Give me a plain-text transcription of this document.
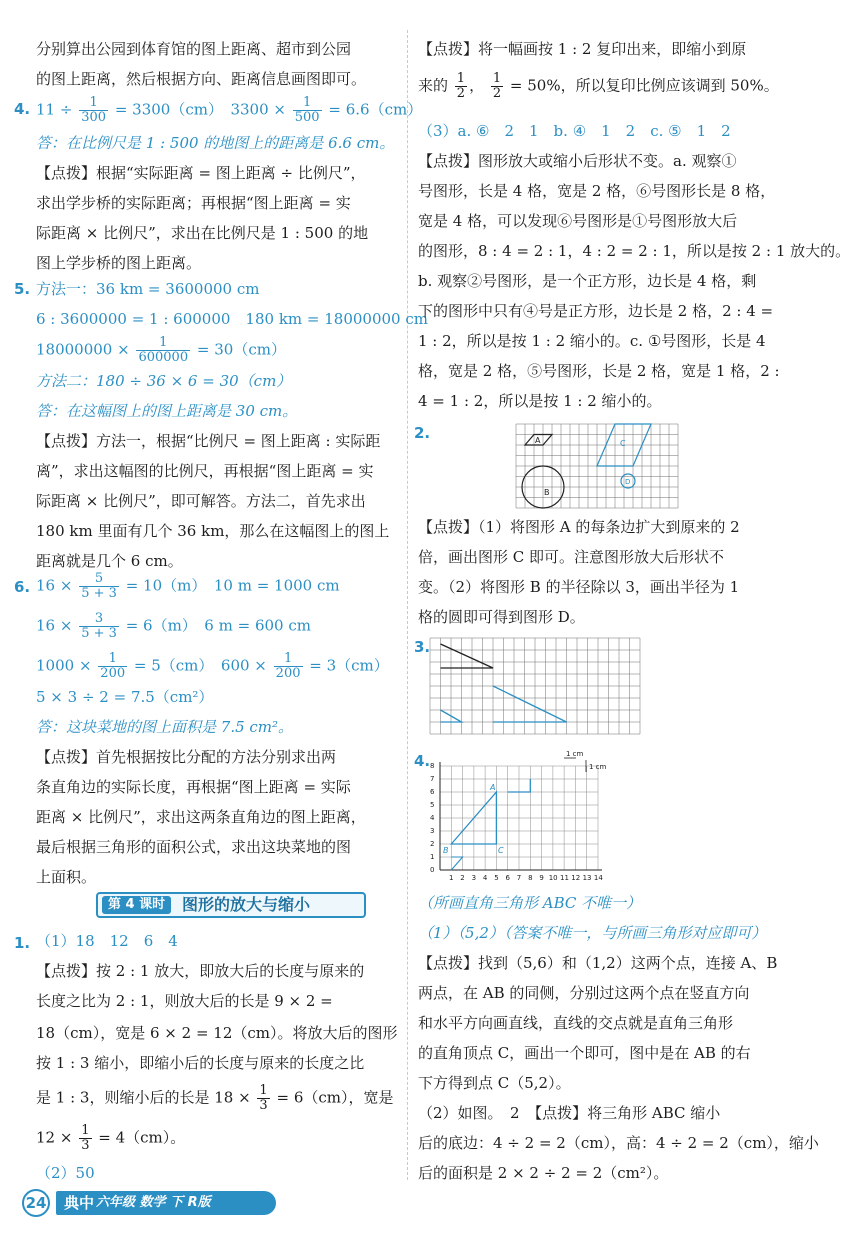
分别算出公园到体育馆的图上距离、超市到公园
的图上距离，然后根据方向、距离信息画图即可。
4. $11 \div \frac{1}{300} = 3300(cm)$　$3300 \times \frac{1}{500} = 6.6(cm)$
答：在比例尺是 1 : 500 的地图上的距离是 6.6 cm。
【点拨】根据“实际距离 = 图上距离 ÷ 比例尺”，
求出学步桥的实际距离；再根据“图上距离 = 实
际距离 × 比例尺”，求出在比例尺是 1 : 500 的地
图上学步桥的图上距离。
5. 方法一：36 km = 3600000 cm
6 : 3600000 = 1 : 600000　180 km = 18000000 cm
$18000000 \times \frac{1}{600000} = 30(cm)$
方法二：180 ÷ 36 × 6 = 30（cm）
答：在这幅图上的图上距离是 30 cm。
【点拨】方法一，根据“比例尺 = 图上距离 : 实际距
离”，求出这幅图的比例尺，再根据“图上距离 = 实
际距离 × 比例尺”，即可解答。方法二，首先求出
180 km 里面有几个 36 km，那么在这幅图上的图上
距离就是几个 6 cm。
6. $16 \times \frac{5}{5 + 3} = 10(m)$　10 m = 1000 cm
$16 \times \frac{3}{5 + 3} = 6(m)$　6 m = 600 cm
$1000 \times \frac{1}{200} = 5(cm)$　$600 \times \frac{1}{200} = 3(cm)$
5 × 3 ÷ 2 = 7.5（cm²）
答：这块菜地的图上面积是 7.5 cm²。
【点拨】首先根据按比分配的方法分别求出两
条直角边的实际长度，再根据“图上距离 = 实际
距离 × 比例尺”，求出这两条直角边的图上距离，
最后根据三角形的面积公式，求出这块菜地的图
上面积。
第 4 课时	图形的放大与缩小
1. （1）18　12　6　4
【点拨】按 2 : 1 放大，即放大后的长度与原来的
长度之比为 2 : 1，则放大后的长是 9 × 2 =
18（cm），宽是 6 × 2 = 12（cm）。将放大后的图形
按 1 : 3 缩小，即缩小后的长度与原来的长度之比
是 1 : 3，则缩小后的长是 $18 \times \frac{1}{3} = 6(cm)$，宽是
$12 \times \frac{1}{3} = 4(cm)$。
（2）50
【点拨】将一幅画按 1 : 2 复印出来，即缩小到原
来的 $\frac{1}{2}$ ， $\frac{1}{2} = 50\%$，所以复印比例应该调到 50%。
（3）a. ⑥　2　1　b. ④　1　2　c. ⑤　1　2
【点拨】图形放大或缩小后形状不变。a. 观察①
号图形，长是 4 格，宽是 2 格，⑥号图形长是 8 格，
宽是 4 格，可以发现⑥号图形是①号图形放大后
的图形，8 : 4 = 2 : 1，4 : 2 = 2 : 1，所以是按 2 : 1 放大的。
b. 观察②号图形，是一个正方形，边长是 4 格，剩
下的图形中只有④号是正方形，边长是 2 格，2 : 4 =
1 : 2，所以是按 1 : 2 缩小的。c. ①号图形，长是 4
格，宽是 2 格，⑤号图形，长是 2 格，宽是 1 格，2 :
4 = 1 : 2，所以是按 1 : 2 缩小的。
2.	A
B
C
D
【点拨】（1）将图形 A 的每条边扩大到原来的 2
倍，画出图形 C 即可。注意图形放大后形状不
变。（2）将图形 B 的半径除以 3，画出半径为 1
格的圆即可得到图形 D。
3.
4.	1 cm
1 cm
8
7
6
5
4
3
2
1
0
1 2 3 4 5 6 7 8 9 10 11 12 13 14
A
B	C
（所画直角三角形 ABC 不唯一）
（1）（5,2）（答案不唯一，与所画三角形对应即可）
【点拨】找到（5,6）和（1,2）这两个点，连接 A、B
两点，在 AB 的同侧，分别过这两个点在竖直方向
和水平方向画直线，直线的交点就是直角三角形
的直角顶点 C，画出一个即可，图中是在 AB 的右
下方得到点 C（5,2）。
（2）如图。　2　【点拨】将三角形 ABC 缩小
后的底边：4 ÷ 2 = 2（cm），高：4 ÷ 2 = 2（cm），缩小
后的面积是 2 × 2 ÷ 2 = 2（cm²）。
24 典中 六年级 数学 下 R版
